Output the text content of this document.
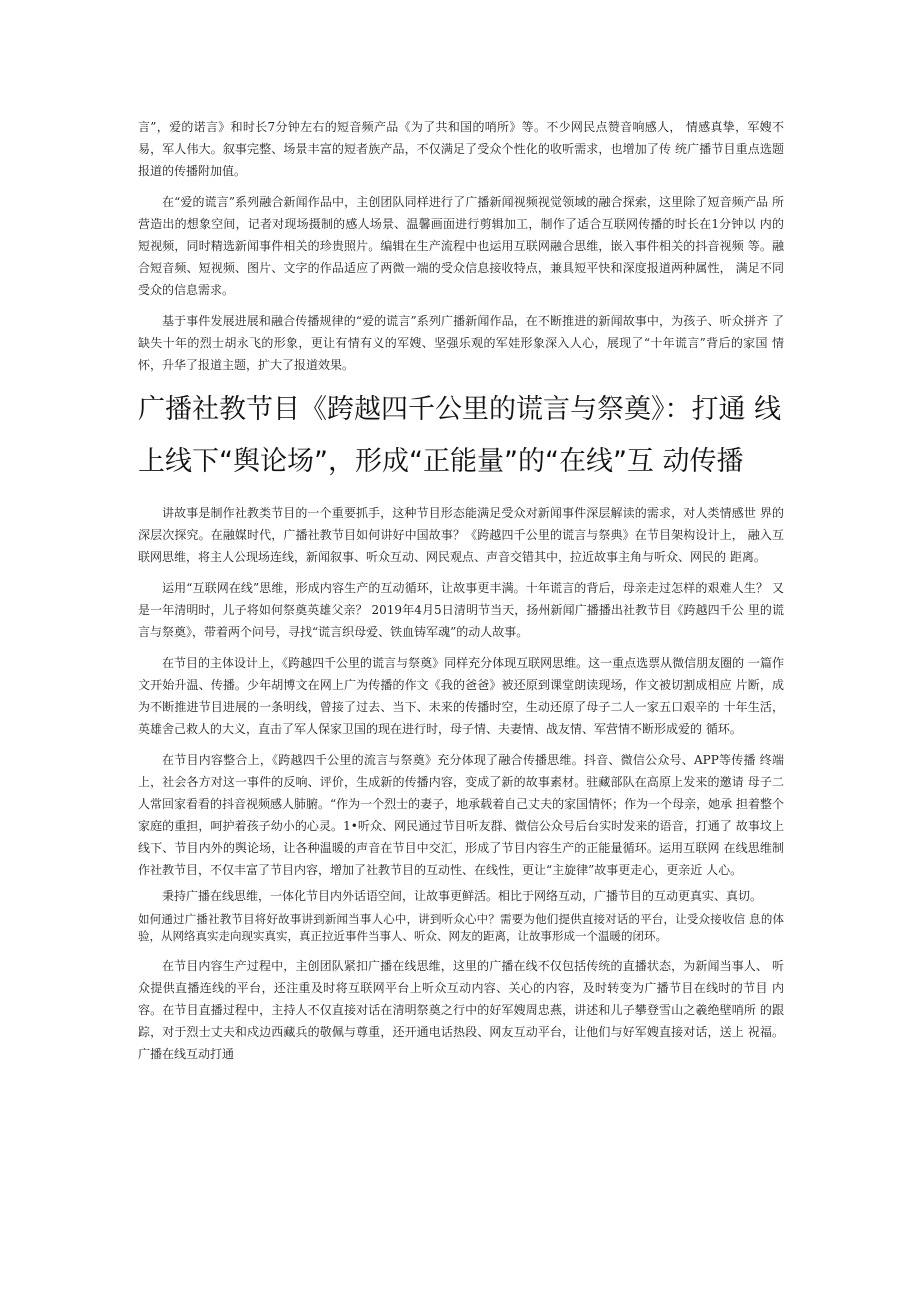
言”，爱的诺言》和时长7分钟左右的短音频产品《为了共和国的哨所》等。不少网民点赞音响感人， 情感真挚，军嫂不易，军人伟大。叙事完整、场景丰富的短者族产品，不仅满足了受众个性化的收听需求，也增加了传 统广播节目重点选题报道的传播附加值。

在“爱的谎言”系列融合新闻作品中，主创团队同样进行了广播新闻视频视觉领域的融合探索，这里除了短音频产品 所营造出的想象空间，记者对现场摄制的感人场景、温馨画面进行剪辑加工，制作了适合互联网传播的时长在1分钟以 内的短视频，同时精选新闻事件相关的珍贵照片。编辑在生产流程中也运用互联网融合思维，嵌入事件相关的抖音视频 等。融合短音频、短视频、图片、文字的作品适应了两微一端的受众信息接收特点，兼具短平快和深度报道两种属性， 满足不同受众的信息需求。

基于事件发展进展和融合传播规律的“爱的谎言”系列广播新闻作品，在不断推进的新闻故事中，为孩子、听众拼齐 了缺失十年的烈士胡永飞的形象，更让有情有义的军嫂、坚强乐观的军娃形象深入人心，展现了“十年谎言”背后的家国 情怀，升华了报道主题，扩大了报道效果。

广播社教节目《跨越四千公里的谎言与祭奠》：打通 线上线下“舆论场”，形成“正能量”的“在线”互 动传播

讲故事是制作社教类节目的一个重要抓手，这种节目形态能满足受众对新闻事件深层解读的需求，对人类情感世 界的深层次探究。在融媒时代，广播社教节目如何讲好中国故事？《跨越四千公里的谎言与祭典》在节目架构设计上， 融入互联网思维，将主人公现场连线，新闻叙事、听众互动、网民观点、声音交错其中，拉近故事主角与听众、网民的 距离。

运用“互联网在线”思维，形成内容生产的互动循环，让故事更丰满。十年谎言的背后，母亲走过怎样的艰难人生？ 又是一年清明时，儿子将如何祭奠英雄父亲？ 2019年4月5日清明节当天，扬州新闻广播播出社教节目《跨越四千公 里的谎言与祭奠》，带着两个问号，寻找“谎言织母爱、铁血铸军魂”的动人故事。

在节目的主体设计上，《跨越四千公里的谎言与祭奠》同样充分体现互联网思维。这一重点选票从微信朋友圈的 一篇作文开始升温、传播。少年胡博文在网上广为传播的作文《我的爸爸》被还原到课堂朗读现场，作文被切割成相应 片断，成为不断推进节目进展的一条明线，曾接了过去、当下、未来的传播时空，生动还原了母子二人一家五口艰辛的 十年生活，英雄舍己救人的大义，直击了军人保家卫国的现在进行时，母子情、夫妻情、战友情、军营情不断形成爱的 循环。

在节目内容整合上，《跨越四千公里的流言与祭奠》充分体现了融合传播思维。抖音、微信公众号、APP等传播 终端上，社会各方对这一事件的反响、评价，生成新的传播内容，变成了新的故事素材。驻藏部队在高原上发来的邀请 母子二人常回家看看的抖音视频感人肺腑。“作为一个烈士的妻子，地承载着自己丈夫的家国情怀；作为一个母亲，她承 担着整个家庭的重担，呵护着孩子幼小的心灵。1•听众、网民通过节目听友群、微信公众号后台实时发来的语音，打通了 故事坟上线下、节目内外的舆论场，让各种温暖的声音在节目中交汇，形成了节目内容生产的正能量循环。运用互联网 在线思维制作社教节目，不仅丰富了节目内容，增加了社教节目的互动性、在线性，更让“主旋律”故事更走心，更亲近 人心。

秉持广播在线思维，一体化节目内外话语空间，让故事更鲜活。相比于网络互动，广播节目的互动更真实、真切。

如何通过广播社教节目将好故事讲到新闻当事人心中，讲到听众心中？需要为他们提供直接对话的平台，让受众接收信 息的体验，从网络真实走向现实真实，真正拉近事件当事人、听众、网友的距离，让故事形成一个温暖的闭环。

在节目内容生产过程中，主创团队紧扣广播在线思维，这里的广播在线不仅包括传统的直播状态，为新闻当事人、 听众提供直播连线的平台，还注重及时将互联网平台上听众互动内容、关心的内容，及时转变为广播节目在线时的节目 内容。在节目直播过程中，主持人不仅直接对话在清明祭奠之行中的好军嫂周忠燕，讲述和儿子攀登雪山之羲绝壁哨所 的跟踪，对于烈士丈夫和戍边西藏兵的敬佩与尊重，还开通电话热段、网友互动平台，让他们与好军嫂直接对话，送上 祝福。广播在线互动打通
